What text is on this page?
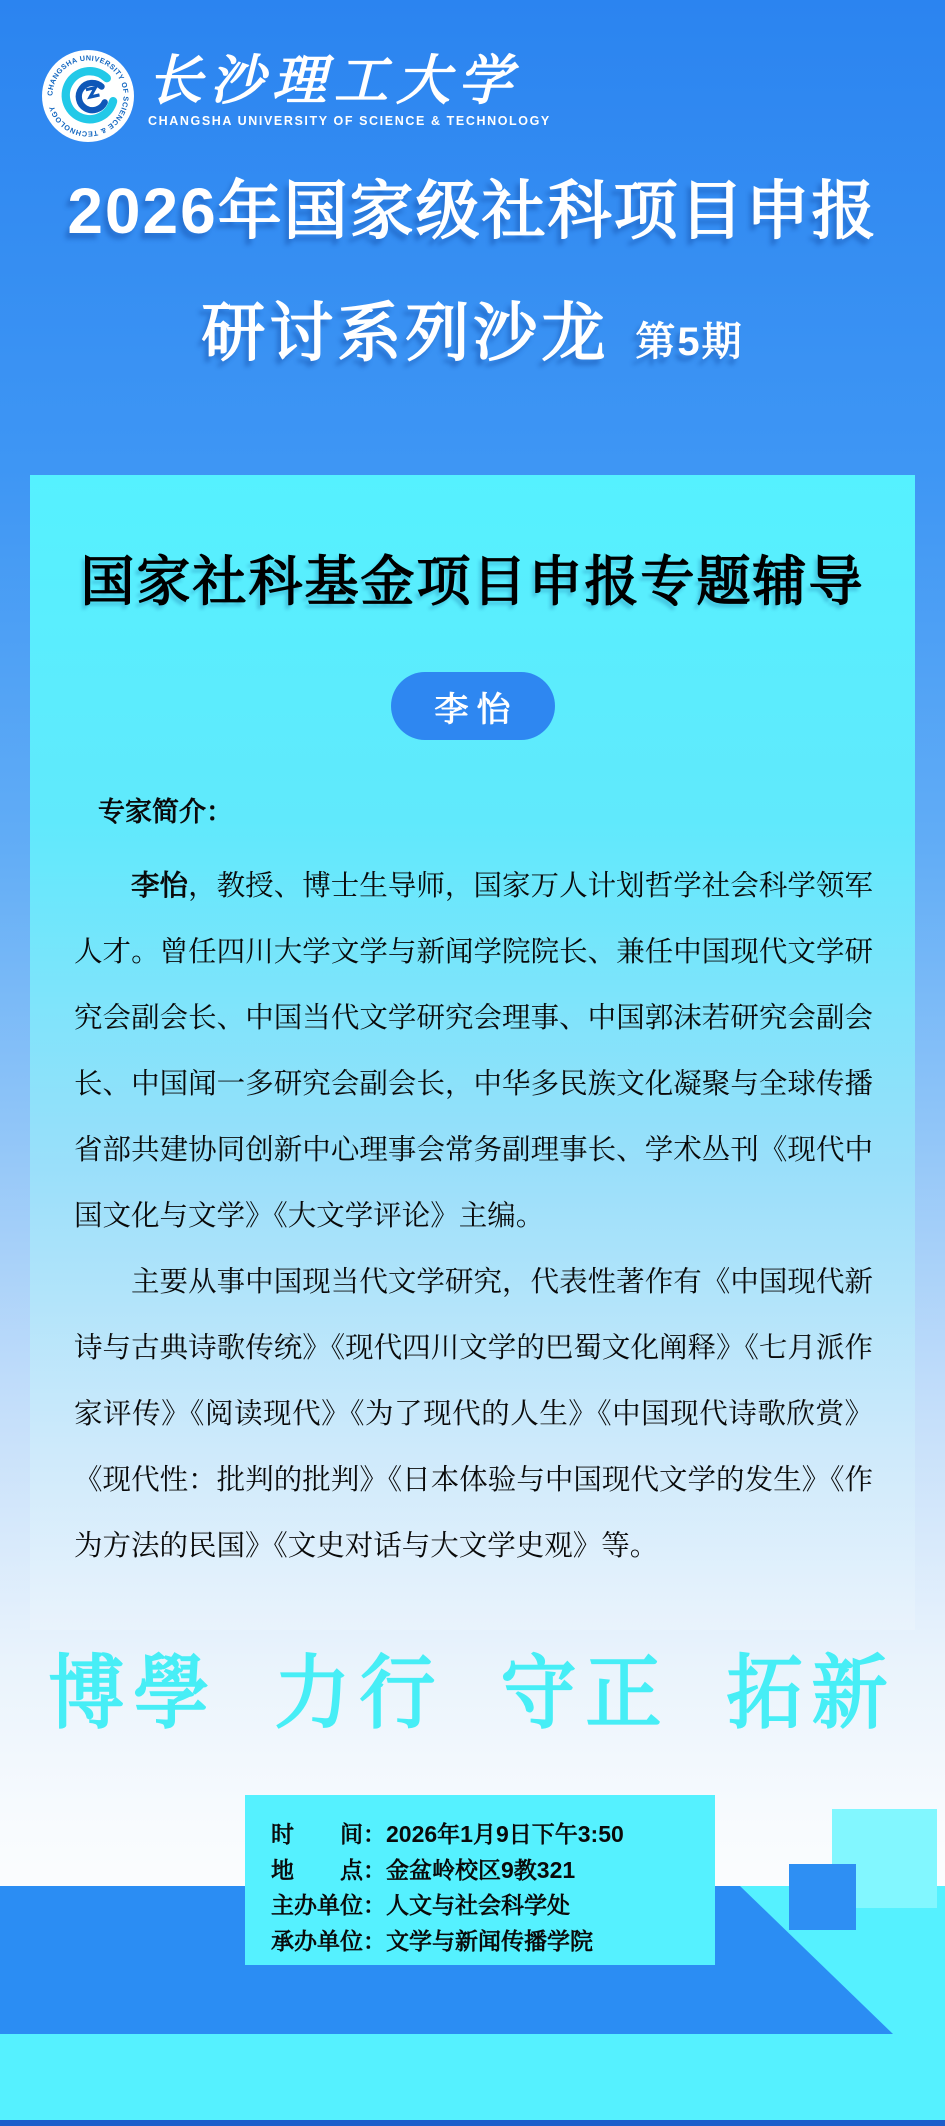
CHANGSHA UNIVERSITY OF SCIENCE & TECHNOLOGY	长沙理工大学
CHANGSHA UNIVERSITY OF SCIENCE & TECHNOLOGY
2026年国家级社科项目申报
研讨系列沙龙 第5期
国家社科基金项目申报专题辅导
李怡
专家简介：

李怡，教授、博士生导师，国家万人计划哲学社会科学领军人才。曾任四川大学文学与新闻学院院长、兼任中国现代文学研究会副会长、中国当代文学研究会理事、中国郭沫若研究会副会长、中国闻一多研究会副会长，中华多民族文化凝聚与全球传播省部共建协同创新中心理事会常务副理事长、学术丛刊《现代中国文化与文学》《大文学评论》主编。

主要从事中国现当代文学研究，代表性著作有《中国现代新诗与古典诗歌传统》《现代四川文学的巴蜀文化阐释》《七月派作家评传》《阅读现代》《为了现代的人生》《中国现代诗歌欣赏》《现代性：批判的批判》《日本体验与中国现代文学的发生》《作为方法的民国》《文史对话与大文学史观》等。

博學 力行 守正 拓新
时　　间：2026年1月9日下午3:50
地　　点：金盆岭校区9教321
主办单位：人文与社会科学处
承办单位：文学与新闻传播学院
